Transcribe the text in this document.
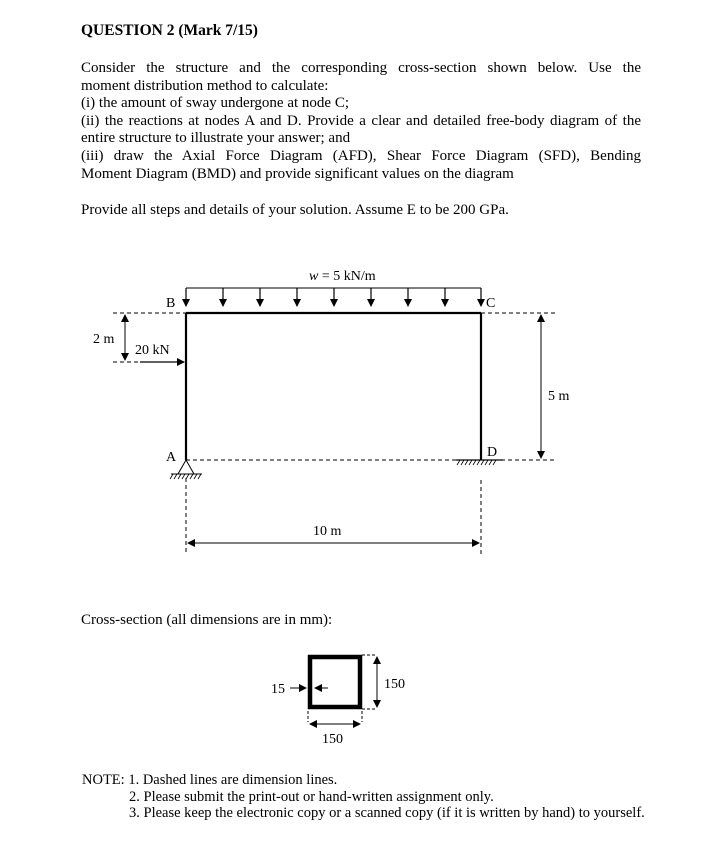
QUESTION 2 (Mark 7/15)
Consider the structure and the corresponding cross-section shown below. Use the
moment distribution method to calculate:
(i) the amount of sway undergone at node C;
(ii) the reactions at nodes A and D. Provide a clear and detailed free-body diagram of the
entire structure to illustrate your answer; and
(iii) draw the Axial Force Diagram (AFD), Shear Force Diagram (SFD), Bending
Moment Diagram (BMD) and provide significant values on the diagram
Provide all steps and details of your solution. Assume E to be 200 GPa.
w = 5 kN/m
B	C
A	D
2 m
20 kN
5 m
10 m
15	150
150
Cross-section (all dimensions are in mm):
NOTE: 1. Dashed lines are dimension lines.
2. Please submit the print-out or hand-written assignment only.
3. Please keep the electronic copy or a scanned copy (if it is written by hand) to yourself.
